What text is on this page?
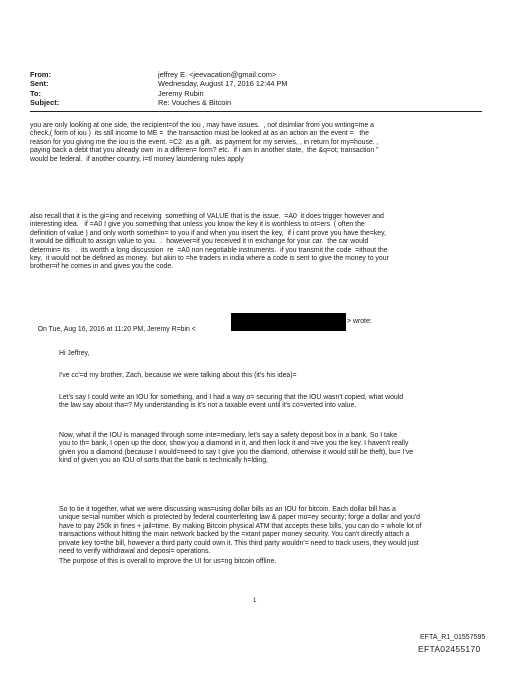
From:	jeffrey E. <jeevacation@gmail.com>
Sent:	Wednesday, August 17, 2016 12:44 PM
To:	Jeremy Rubin
Subject:	Re: Vouches & Bitcoin
you are only looking at one side, the recipient=of the iou , may have issues.  , not disimliar from you writing=me a
check,( form of iou )  its still income to ME =  the transaction must be looked at as an action an the event =   the
reason for you giving me the iou is the event. =C2  as a gift.  as payment for my servies, , in return for my=house. ,
paying back a debt that you already own  in a differen= form? etc.  if i am in another state,  the &q=ot; transaction "
would be federal.  if another country, i=tl money laundering rules apply
also recall that it is the gi=ing and receiving  something of VALUE that is the issue.  =A0  it does trigger however and
interesting idea.   if =A0 I give you something that unless you know the key it is worthless to ot=ers  ( often the
definition of value ) and only worth somethin= to you if and when you insert the key,  if i cant prove you have the=key,
it would be difficult to assign value to you.  .  however=if you received it in exchange for your car.  the car would
determin= its   .  its wortth a long discussion  re  =A0 non negotiable instruments.  if you transmit the code  =ithout the
key,  it would not be defined as money.  but akin to =he traders in india where a code is sent to give the money to your
brother=if he comes in and gives you the code.

On Tue, Aug 16, 2016 at 11:20 PM, Jeremy R=bin <

> wrote:

Hi Jeffrey,
I've cc'=d my brother, Zach, because we were talking about this (it's his idea)=
Let's say I could write an IOU for something, and I had a way o= securing that the IOU wasn't copied, what would
the law say about tha=? My understanding is it's not a taxable event until it's co=verted into value.
Now, what if the IOU is managed through some inte=mediary, let's say a safety deposit box in a bank. So I take
you to th= bank, I open up the door, show you a diamond in it, and then lock it and =ive you the key. I haven't really
given you a diamond (because I would=need to say I give you the diamond, otherwise it would still be theft), bu= I've
kind of given you an IOU of sorts that the bank is technically h=lding,
So to tie it together, what we were discussing was=using dollar bills as an IOU for bitcoin. Each dollar bill has a
unique se=ial number which is protected by federal counterfeiting law & paper mo=ey security; forge a dollar and you'd
have to pay 250k in fines + jail=time. By making Bitcoin physical ATM that accepts these bills, you can do = whole lot of
transactions without hitting the main network backed by the =xtant paper money security. You can't directly attach a
private key to=the bill, however a third party could own it. This third party wouldn'= need to track users, they would just
need to verify withdrawal and deposi= operations.
The purpose of this is overall to improve the UI for us=ng bitcoin offline.
1
EFTA_R1_01557595
EFTA02455170
